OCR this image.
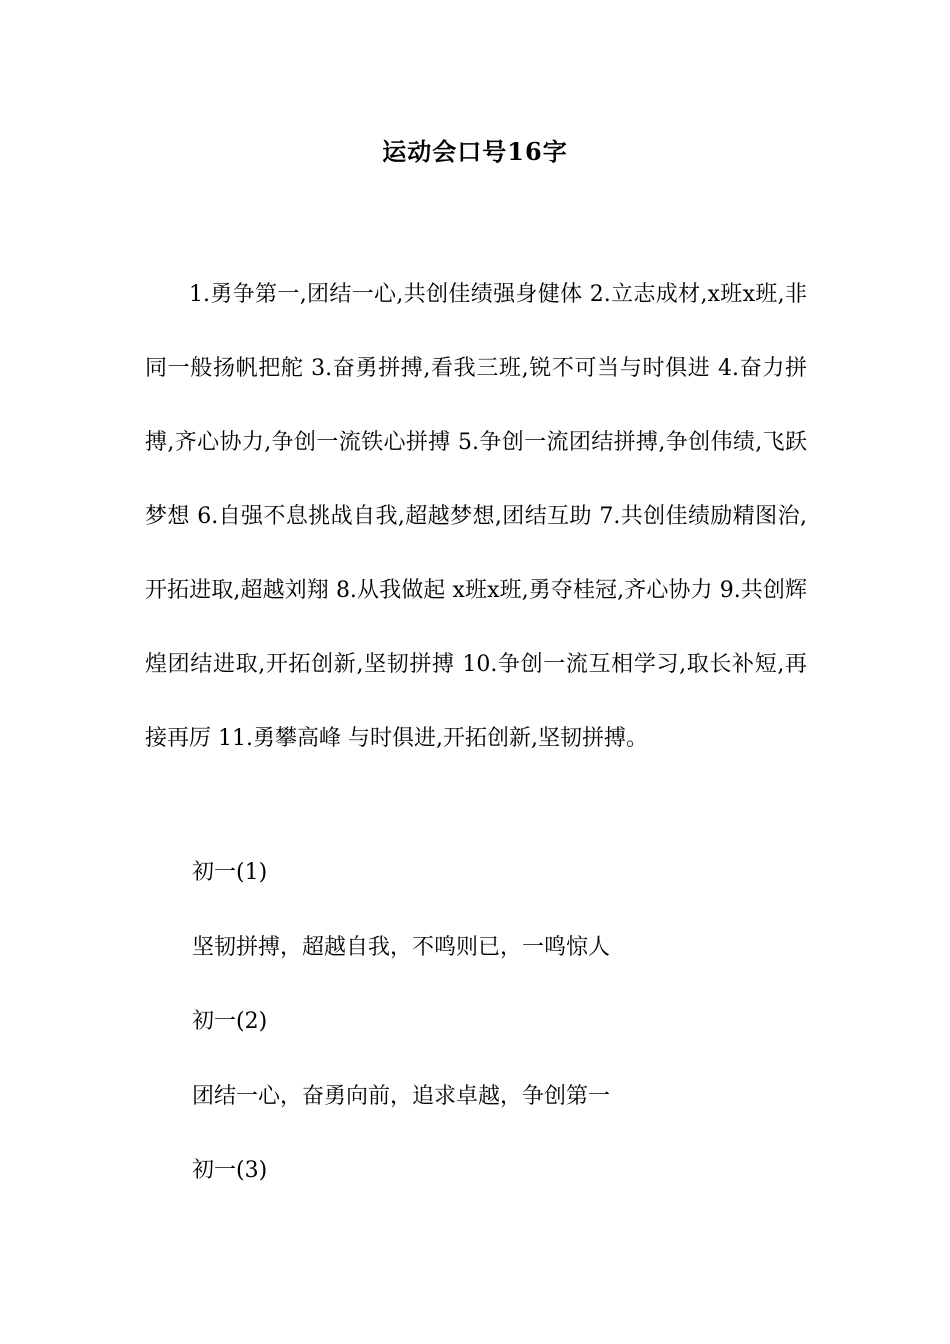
运动会口号16字

1.勇争第一,团结一心,共创佳绩强身健体 2.立志成材,x班x班,非同一般扬帆把舵 3.奋勇拼搏,看我三班,锐不可当与时俱进 4.奋力拼搏,齐心协力,争创一流铁心拼搏 5.争创一流团结拼搏,争创伟绩,飞跃梦想 6.自强不息挑战自我,超越梦想,团结互助 7.共创佳绩励精图治,开拓进取,超越刘翔 8.从我做起 x班x班,勇夺桂冠,齐心协力 9.共创辉煌团结进取,开拓创新,坚韧拼搏 10.争创一流互相学习,取长补短,再接再厉 11.勇攀高峰 与时俱进,开拓创新,坚韧拼搏。

初一(1)
坚韧拼搏，超越自我，不鸣则已，一鸣惊人
初一(2)
团结一心，奋勇向前，追求卓越，争创第一
初一(3)
